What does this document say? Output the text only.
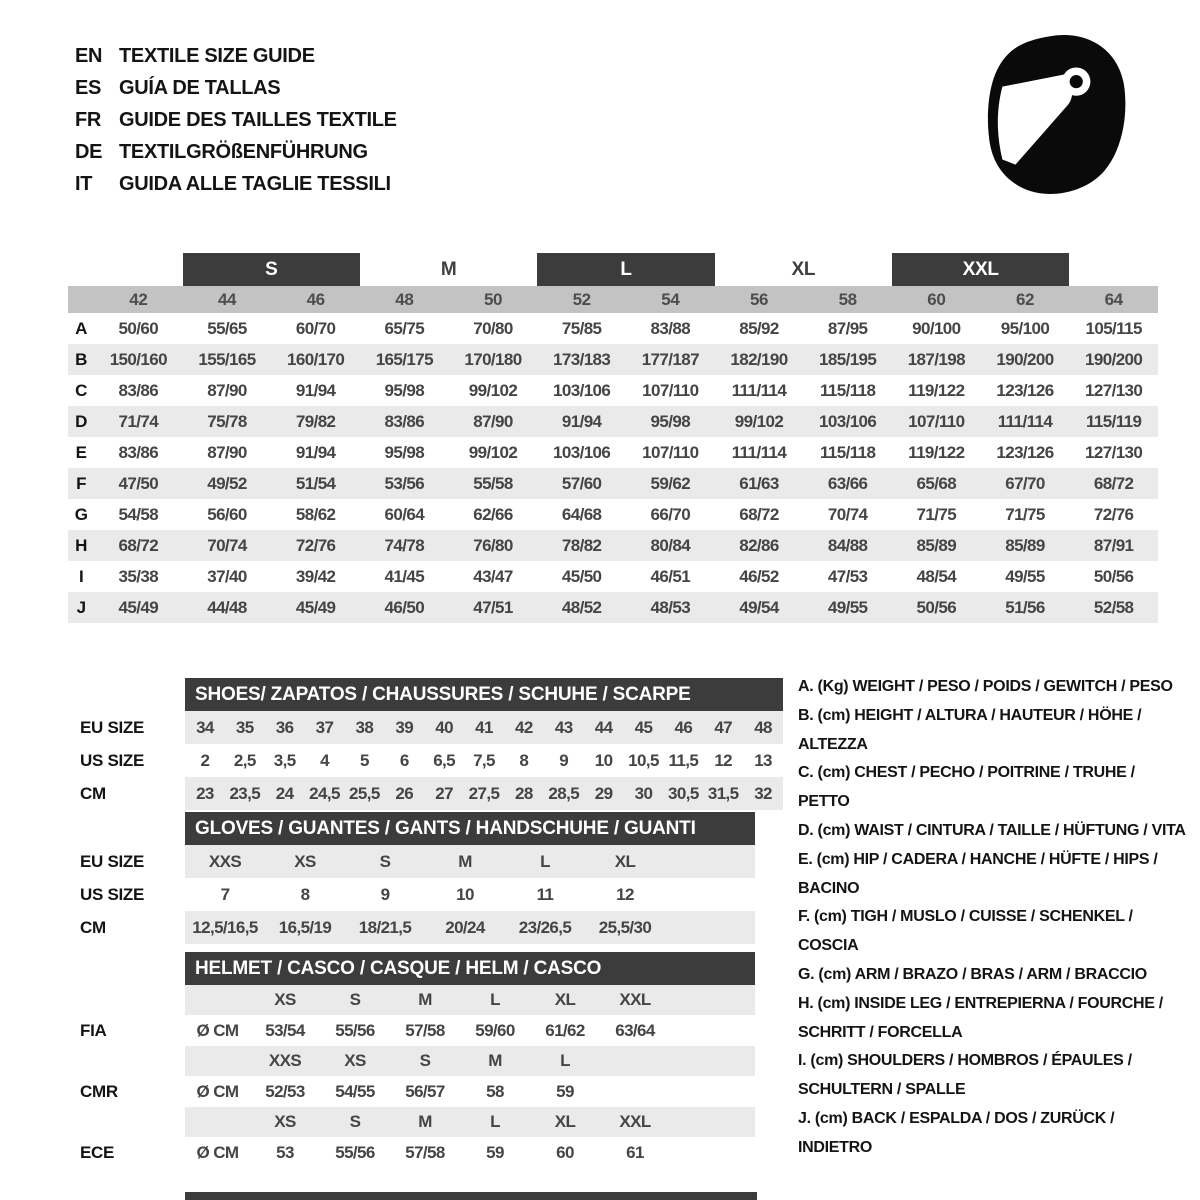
EN TEXTILE SIZE GUIDE
ES GUÍA DE TALLAS
FR GUIDE DES TAILLES TEXTILE
DE TEXTILGRÖßENFÜHRUNG
IT	GUIDA ALLE TAGLIE TESSILI
S	M	L	XL	XXL
42	44	46	48	50	52	54	56	58	60	62	64
A	50/60	55/65	60/70	65/75	70/80	75/85	83/88	85/92	87/95	90/100	95/100	105/115
B	150/160	155/165	160/170	165/175	170/180	173/183	177/187	182/190	185/195	187/198	190/200	190/200
C	83/86	87/90	91/94	95/98	99/102	103/106	107/110	111/114	115/118	119/122	123/126	127/130
D	71/74	75/78	79/82	83/86	87/90	91/94	95/98	99/102	103/106	107/110	111/114	115/119
E	83/86	87/90	91/94	95/98	99/102	103/106	107/110	111/114	115/118	119/122	123/126	127/130
F	47/50	49/52	51/54	53/56	55/58	57/60	59/62	61/63	63/66	65/68	67/70	68/72
G	54/58	56/60	58/62	60/64	62/66	64/68	66/70	68/72	70/74	71/75	71/75	72/76
H	68/72	70/74	72/76	74/78	76/80	78/82	80/84	82/86	84/88	85/89	85/89	87/91
I	35/38	37/40	39/42	41/45	43/47	45/50	46/51	46/52	47/53	48/54	49/55	50/56
J	45/49	44/48	45/49	46/50	47/51	48/52	48/53	49/54	49/55	50/56	51/56	52/58
SHOES/ ZAPATOS / CHAUSSURES / SCHUHE / SCARPE
GLOVES / GUANTES / GANTS / HANDSCHUHE / GUANTI
HELMET / CASCO / CASQUE / HELM / CASCO
A. (Kg) WEIGHT / PESO / POIDS / GEWITCH / PESO
B. (cm) HEIGHT / ALTURA / HAUTEUR / HÖHE / ALTEZZA
C. (cm) CHEST / PECHO / POITRINE / TRUHE / PETTO
D. (cm) WAIST / CINTURA / TAILLE / HÜFTUNG / VITA
E. (cm) HIP / CADERA / HANCHE / HÜFTE / HIPS / BACINO
F. (cm) TIGH / MUSLO / CUISSE / SCHENKEL / COSCIA
G. (cm) ARM / BRAZO / BRAS / ARM / BRACCIO
H. (cm) INSIDE LEG / ENTREPIERNA / FOURCHE / SCHRITT / FORCELLA
I. (cm) SHOULDERS / HOMBROS / ÉPAULES / SCHULTERN / SPALLE
J. (cm) BACK / ESPALDA / DOS / ZURÜCK / INDIETRO
EU SIZE	34	35	36	37	38	39	40	41	42	43	44	45	46	47	48
US SIZE	2	2,5	3,5	4	5	6	6,5	7,5	8	9	10 10,5 11,5 12	13
CM	23 23,5 24 24,5 25,5 26	27 27,5 28 28,5 29	30 30,5 31,5 32
EU SIZE	XXS	XS	S	M	L	XL
US SIZE	7	8	9	10	11	12
CM	12,5/16,5	16,5/19	18/21,5	20/24	23/26,5	25,5/30
XS	S	M	L	XL	XXL
FIA	Ø CM	53/54	55/56	57/58	59/60	61/62	63/64
XXS	XS	S	M	L
CMR	Ø CM	52/53	54/55	56/57	58	59
XS	S	M	L	XL	XXL
ECE	Ø CM	53	55/56	57/58	59	60	61
